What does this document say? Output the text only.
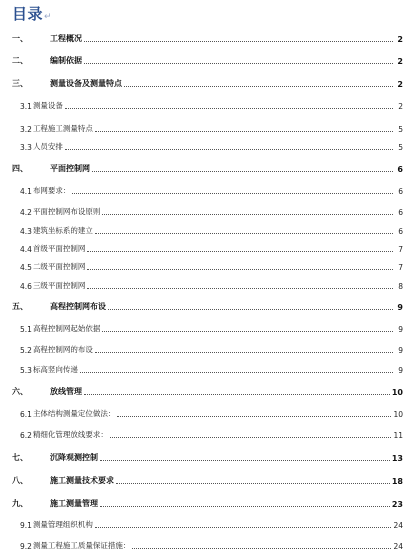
目录↵
一、	工程概况	2
二、	编制依据	2
三、	测量设备及测量特点	2
3.1 测量设备	2
3.2 工程施工测量特点	5
3.3 人员安排	5
四、	平面控制网	6
4.1 布网要求：	6
4.2 平面控制网布设原则	6
4.3 建筑坐标系的建立	6
4.4 首级平面控制网	7
4.5 二级平面控制网	7
4.6 三级平面控制网	8
五、	高程控制网布设	9
5.1 高程控制网起始依据	9
5.2 高程控制网的布设	9
5.3 标高竖向传递	9
六、	放线管理	10
6.1 主体结构测量定位做法：	10
6.2 精细化管理放线要求：	11
七、	沉降观测控制	13
八、	施工测量技术要求	18
九、	施工测量管理	23
9.1 测量管理组织机构	24
9.2 测量工程施工质量保证措施：	24
